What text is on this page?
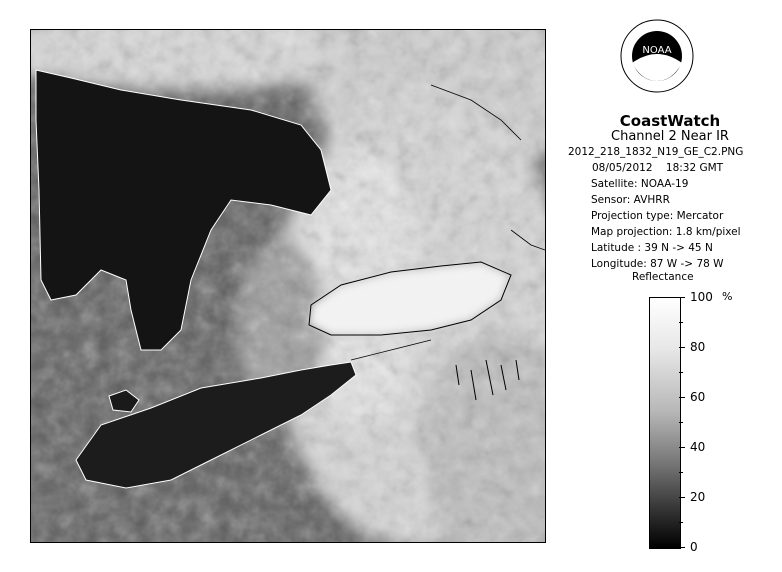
NOAA
CoastWatch
Channel 2 Near IR
2012_218_1832_N19_GE_C2.PNG
08/05/2012 18:32 GMT
Satellite: NOAA-19
Sensor: AVHRR
Projection type: Mercator
Map projection: 1.8 km/pixel
Latitude : 39 N -> 45 N
Longitude: 87 W -> 78 W
Reflectance
%
100
80
60
40
20
0
